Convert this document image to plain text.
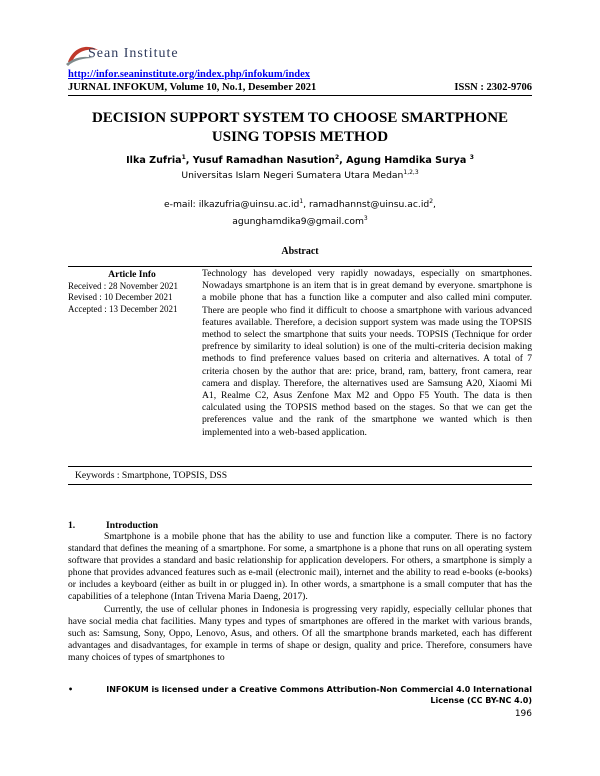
Sean Institute
http://infor.seaninstitute.org/index.php/infokum/index
JURNAL INFOKUM, Volume 10, No.1, Desember 2021	ISSN : 2302-9706
DECISION SUPPORT SYSTEM TO CHOOSE SMARTPHONE USING TOPSIS METHOD
Ilka Zufria$^1$, Yusuf Ramadhan Nasution$^2$, Agung Hamdika Surya $^3$
Universitas Islam Negeri Sumatera Utara Medan$^{1,2,3}$
e-mail: $ilkazufria@uinsu.ac.id^1$, $ramadhannst@uinsu.ac.id^2$,
agunghamdika9@gmail.com$^3$
Abstract
Article Info
Received : 28 November 2021
Revised : 10 December 2021
Accepted : 13 December 2021
Technology has developed very rapidly nowadays, especially on smartphones. Nowadays smartphone is an item that is in great demand by everyone. smartphone is a mobile phone that has a function like a computer and also called mini computer. There are people who find it difficult to choose a smartphone with various advanced features available. Therefore, a decision support system was made using the TOPSIS method to select the smartphone that suits your needs. TOPSIS (Technique for order prefrence by similarity to ideal solution) is one of the multi-criteria decision making methods to find preference values based on criteria and alternatives. A total of 7 criteria chosen by the author that are: price, brand, ram, battery, front camera, rear camera and display. Therefore, the alternatives used are Samsung A20, Xiaomi Mi A1, Realme C2, Asus Zenfone Max M2 and Oppo F5 Youth. The data is then calculated using the TOPSIS method based on the stages. So that we can get the preferences value and the rank of the smartphone we wanted which is then implemented into a web-based application.
Keywords : Smartphone, TOPSIS, DSS
1.	Introduction

Smartphone is a mobile phone that has the ability to use and function like a computer. There is no factory standard that defines the meaning of a smartphone. For some, a smartphone is a phone that runs on all operating system software that provides a standard and basic relationship for application developers. For others, a smartphone is simply a phone that provides advanced features such as e-mail (electronic mail), internet and the ability to read e-books (e-books) or includes a keyboard (either as built in or plugged in). In other words, a smartphone is a small computer that has the capabilities of a telephone (Intan Trivena Maria Daeng, 2017).

Currently, the use of cellular phones in Indonesia is progressing very rapidly, especially cellular phones that have social media chat facilities. Many types and types of smartphones are offered in the market with various brands, such as: Samsung, Sony, Oppo, Lenovo, Asus, and others. Of all the smartphone brands marketed, each has different advantages and disadvantages, for example in terms of shape or design, quality and price. Therefore, consumers have many choices of types of smartphones to

•	INFOKUM is licensed under a Creative Commons Attribution-Non Commercial 4.0 International License (CC BY-NC 4.0)
196
